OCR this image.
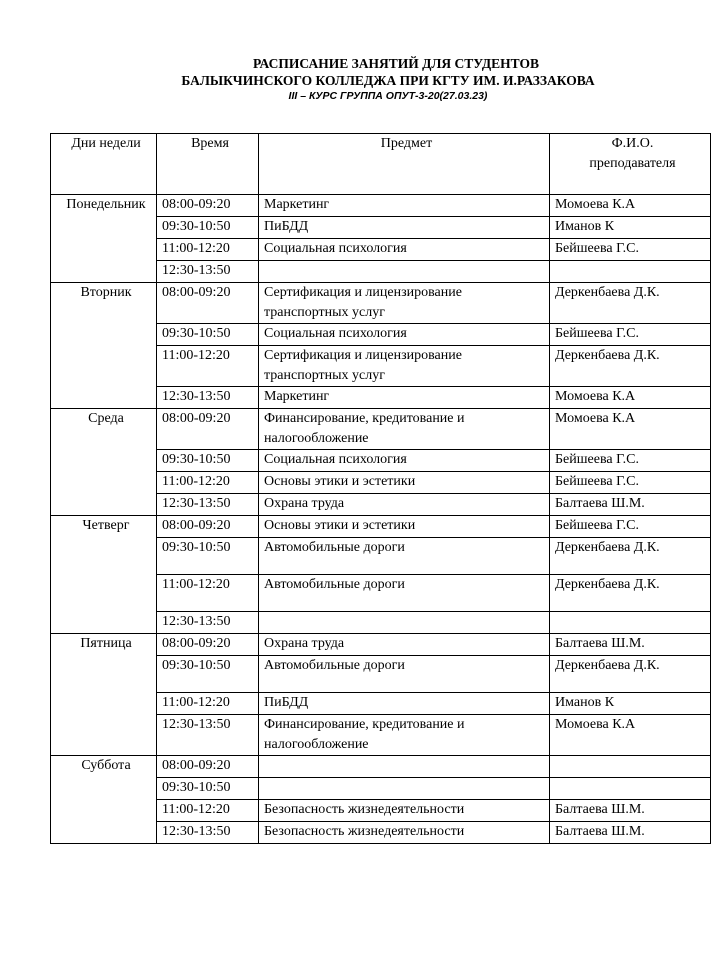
РАСПИСАНИЕ ЗАНЯТИЙ ДЛЯ СТУДЕНТОВ
БАЛЫКЧИНСКОГО КОЛЛЕДЖА ПРИ КГТУ ИМ. И.РАЗЗАКОВА
III – КУРС ГРУППА ОПУТ-3-20(27.03.23)
Дни недели	Время	Предмет	Ф.И.О.
преподавателя
Понедельник	08:00-09:20	Маркетинг	Момоева К.А
	09:30-10:50	ПиБДД	Иманов К
	11:00-12:20	Социальная психология	Бейшеева Г.С.
	12:30-13:50		
Вторник	08:00-09:20	Сертификация и лицензирование транспортных услуг	Деркенбаева Д.К.
	09:30-10:50	Социальная психология	Бейшеева Г.С.
	11:00-12:20	Сертификация и лицензирование транспортных услуг	Деркенбаева Д.К.
	12:30-13:50	Маркетинг	Момоева К.А
Среда	08:00-09:20	Финансирование, кредитование и налогообложение	Момоева К.А
	09:30-10:50	Социальная психология	Бейшеева Г.С.
	11:00-12:20	Основы этики и эстетики	Бейшеева Г.С.
	12:30-13:50	Охрана труда	Балтаева Ш.М.
Четверг	08:00-09:20	Основы этики и эстетики	Бейшеева Г.С.
	09:30-10:50	Автомобильные дороги	Деркенбаева Д.К.
	11:00-12:20	Автомобильные дороги	Деркенбаева Д.К.
	12:30-13:50		
Пятница	08:00-09:20	Охрана труда	Балтаева Ш.М.
	09:30-10:50	Автомобильные дороги	Деркенбаева Д.К.
	11:00-12:20	ПиБДД	Иманов К
	12:30-13:50	Финансирование, кредитование и налогообложение	Момоева К.А
Суббота	08:00-09:20		
	09:30-10:50		
	11:00-12:20	Безопасность жизнедеятельности	Балтаева Ш.М.
	12:30-13:50	Безопасность жизнедеятельности	Балтаева Ш.М.
